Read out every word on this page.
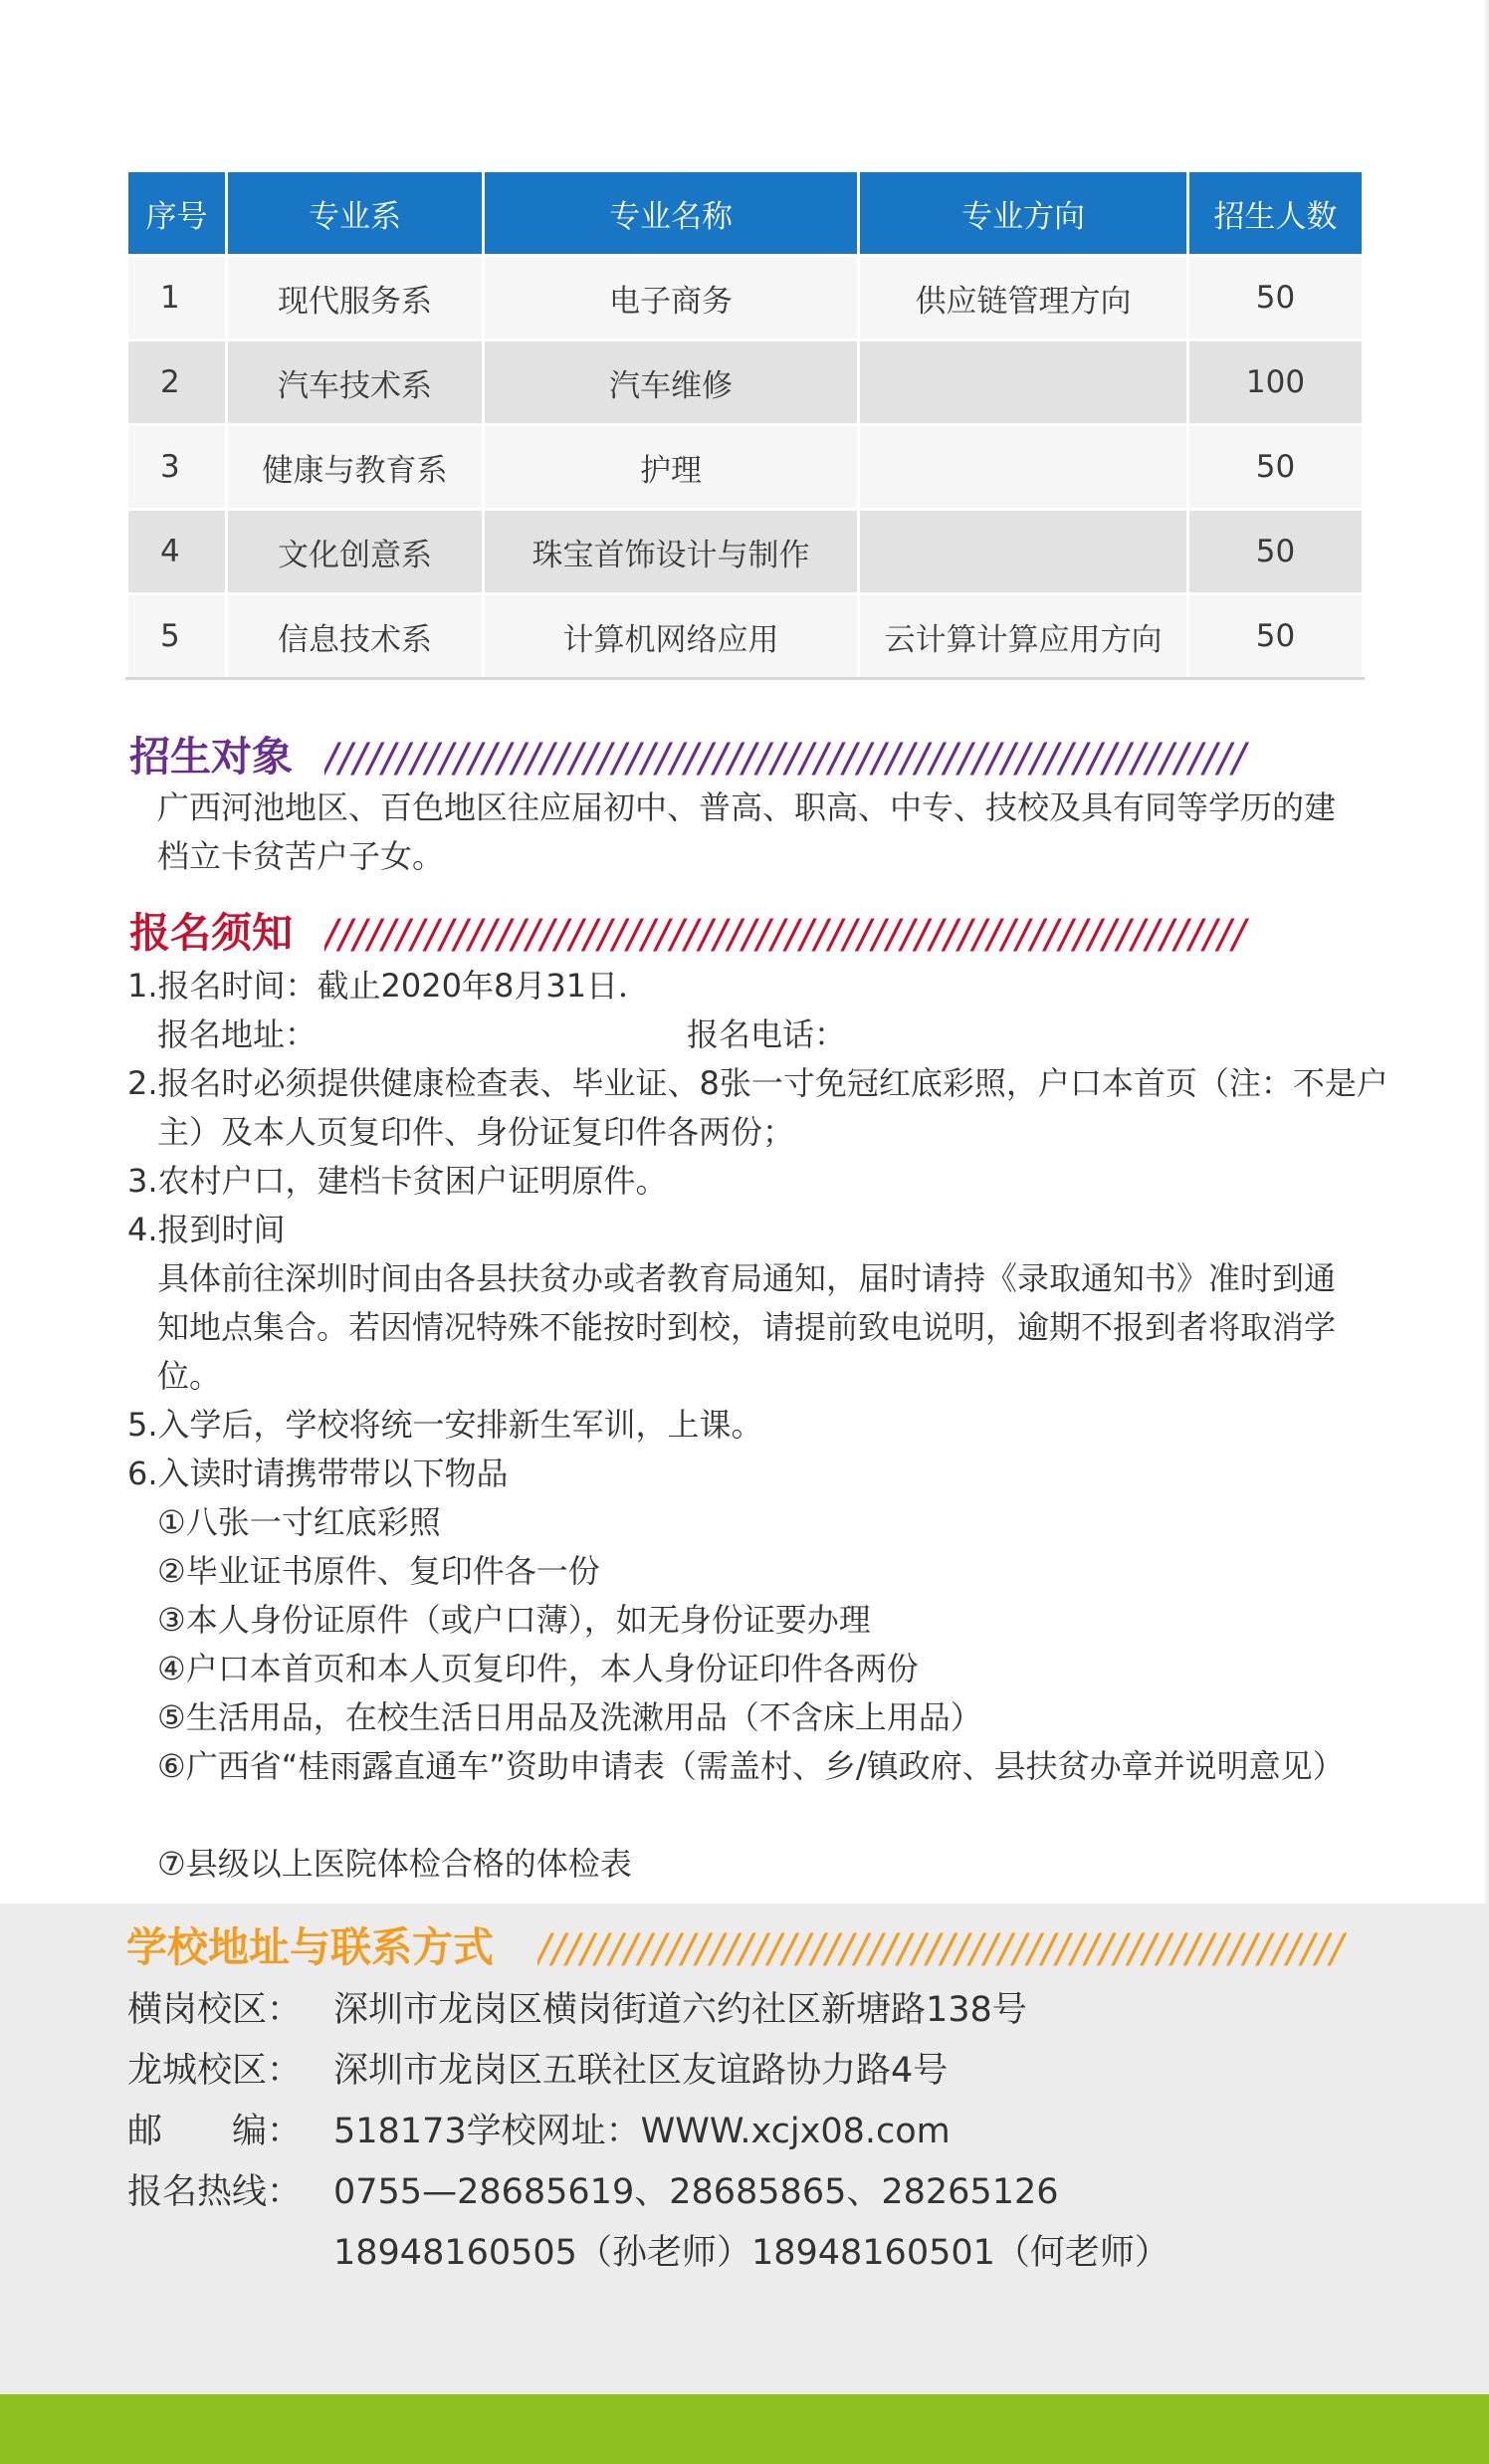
序号	专业系	专业名称	专业方向	招生人数
1	现代服务系	电子商务	供应链管理方向	50
2	汽车技术系	汽车维修		100
3	健康与教育系	护理		50
4	文化创意系	珠宝首饰设计与制作		50
5	信息技术系	计算机网络应用	云计算计算应用方向	50
招生对象 ////////////////////////////////////////////////////////////////
广西河池地区、百色地区往应届初中、普高、职高、中专、技校及具有同等学历的建档立卡贫苦户子女。
报名须知 ////////////////////////////////////////////////////////////////
1.报名时间：截止2020年8月31日．
报名地址：	报名电话：
2.报名时必须提供健康检查表、毕业证、8张一寸免冠红底彩照，户口本首页（注：不是户主）及本人页复印件、身份证复印件各两份；
3.农村户口，建档卡贫困户证明原件。
4.报到时间
具体前往深圳时间由各县扶贫办或者教育局通知，届时请持《录取通知书》准时到通知地点集合。若因情况特殊不能按时到校，请提前致电说明，逾期不报到者将取消学位。
5.入学后，学校将统一安排新生军训，上课。
6.入读时请携带带以下物品
①八张一寸红底彩照
②毕业证书原件、复印件各一份
③本人身份证原件（或户口薄），如无身份证要办理
④户口本首页和本人页复印件，本人身份证印件各两份
⑤生活用品，在校生活日用品及洗漱用品（不含床上用品）
⑥广西省“桂雨露直通车”资助申请表（需盖村、乡/镇政府、县扶贫办章并说明意见）
⑦县级以上医院体检合格的体检表
学校地址与联系方式 ////////////////////////////////////////////////////////
横岗校区： 深圳市龙岗区横岗街道六约社区新塘路138号
龙城校区： 深圳市龙岗区五联社区友谊路协力路4号
邮　　编： 518173学校网址：WWW.xcjx08.com
报名热线： 0755—28685619、28685865、28265126
18948160505（孙老师）18948160501（何老师）
